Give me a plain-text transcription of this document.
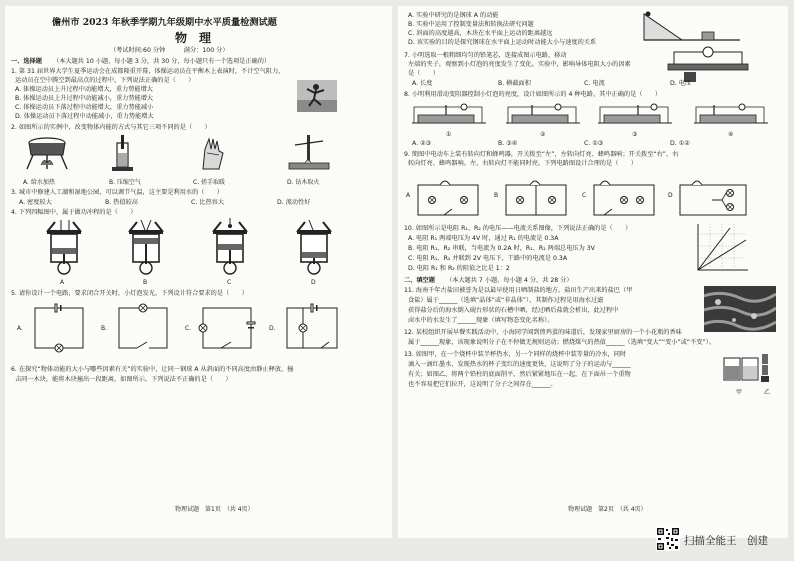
儋州市 2023 年秋季学期九年级期中水平质量检测试题
物　理
（考试时间:60 分钟　　　满分：100 分）
一、选择题 （本大题共 10 小题，每小题 3 分，共 30 分，每小题只有一个选项是正确的）
1. 第 31 届世界大学生夏季运动会在成都隆重开幕，体操运动员在平衡木上表演时，不计空气阻力，
运动员在空中腾空到最高点的过程中，下列说法正确的是（　　）
A. 体操运动员上升过程中动能增大，重力势能增大
B. 体操运动员上升过程中动能减小，重力势能增大
C. 体操运动员下落过程中动能增大，重力势能减小
D. 体操运动员下落过程中动能减小，重力势能增大
2. 如图所示的实例中，改变物体内能的方式与其它三项不同的是（　　）
A. 给水加热	B. 压缩空气	C. 搓手取暖	D. 钻木取火
3. 城市中修建人工湖和湿地公园，可以调节气温，这主要是利用水的（　　）
A. 密度较大	B. 热值较高	C. 比热容大	D. 流动性好
4. 下列四幅图中，属于做功冲程的是（　　）
A	B	C	D
5. 请你设计一个电路，要求闭合开关时，小灯泡发光。下列设计符合要求的是（　　）
A.	B.	C.	D.
6. 在探究“物体动能的大小与哪些因素有关”的实验中，让同一钢球 A 从斜面的不同高度由静止释放，撞
击同一木块，能将木块撞出一段距离，如图所示。下列说法不正确的是（　　）
物理试题　第1页　（共 4页）
A. 实验中研究的是钢球 A 的动能
B. 实验中运用了控制变量法和转换法研究问题
C. 斜面的高度越高，木块在水平面上运动的距离越远
D. 该实验的目的是探究钢球在水平面上运动时动能大小与速度的关系
7. 小明选取一根粗细均匀的铅笔芯，连接成图示电路，移动
左端的夹子，观察到小灯泡的亮度发生了变化。实验中，影响导体电阻大小的因素
是（　　）
A. 长度	B. 横截面积	C. 电流	D. 电压
8. 小明利用滑动变阻器控制小灯泡的亮度，设计如图所示的 4 种电路，其中正确的是（　　）
①	②	③	④
A. ②③	B. ③④	C. ①③	D. ①②
9. 簡图中电动车上装有转向灯和蜂鸣器，开关拨至“左”，左转向灯亮、蜂鸣器响；开关拨至“右”，右
转向灯亮、蜂鸣器响。左、右转向灯不能同时亮。下列电路图设计合理的是（　　）
A	B	C	D
10. 如图所示是电阻 R₁、R₂ 的电压——电流关系图像，下列说法正确的是（　　）
A. 电阻 R₁ 两端电压为 4V 时，通过 R₁ 的电流是 0.3A
B. 电阻 R₁、R₂ 串联，当电流为 0.2A 时，R₁、R₂ 两端总电压为 3V
C. 电阻 R₁、R₂ 并联到 2V 电压下，干路中的电流是 0.3A
D. 电阻 R₁ 和 R₂ 的阻值之比是 1：2
二、填空题 （本大题共 7 小题，每小题 4 分，共 28 分）
11. 海南千年古盐田被誉为是以最早使用日晒制盐的地方。盐田生产出来的盐巴（甲
食盐）属于______（选填“晶体”或“非晶体”），其制作过程是用海水过滤
获得盐分后的海水倒入砚台形状的石槽中晒，经过晒后盐就会析出，此过程中
卤水中的水发生了______现象（填写物态变化名称）。
12. 某校组织开展早餐实践活动中，小海同学闻到煎鸡蛋的味道后，发现家里厨房的一个小花瓶的香味
属于______现象，该现象说明分子在不停做无规则运动；燃烧煤气的热值______（选填“变大”“变小”或“不变”）。
13. 如图甲，在一个烧杯中装半杯热水，另一个同样的烧杯中装等量的冷水，同时
滴入一滴红墨水，发现热水的杯子变红的速度更快，这说明了分子的运动与______
有关；如图乙，将两个铅柱的底面削平，然后紧紧地压在一起，在下面吊一个重物
也不容易把它们拉开，这说明了分子之间存在______。
甲	乙
物理试题　第2页　（共 4页）
扫描全能王　创建
